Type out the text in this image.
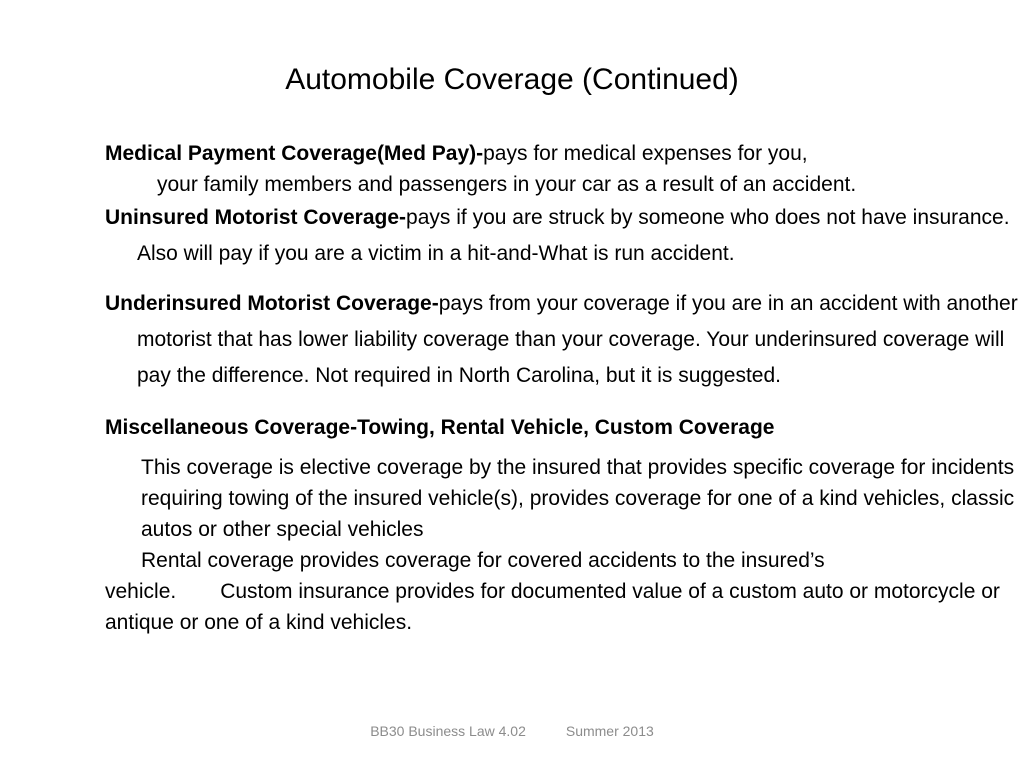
Automobile Coverage (Continued)

Medical Payment Coverage(Med Pay)-pays for medical expenses for you,
your family members and passengers in your car as a result of an accident.

Uninsured Motorist Coverage-pays if you are struck by someone who does not have insurance. Also will pay if you are a victim in a hit-and-What is run accident.

Underinsured Motorist Coverage-pays from your coverage if you are in an accident with another motorist that has lower liability coverage than your coverage. Your underinsured coverage will pay the difference. Not required in North Carolina, but it is suggested.

Miscellaneous Coverage-Towing, Rental Vehicle, Custom Coverage

This coverage is elective coverage by the insured that provides specific coverage for incidents requiring towing of the insured vehicle(s), provides coverage for one of a kind vehicles, classic autos or other special vehicles
Rental coverage provides coverage for covered accidents to the insured’s
vehicle. Custom insurance provides for documented value of a custom auto or motorcycle or antique or one of a kind vehicles.

BB30 Business Law 4.02	Summer 2013
